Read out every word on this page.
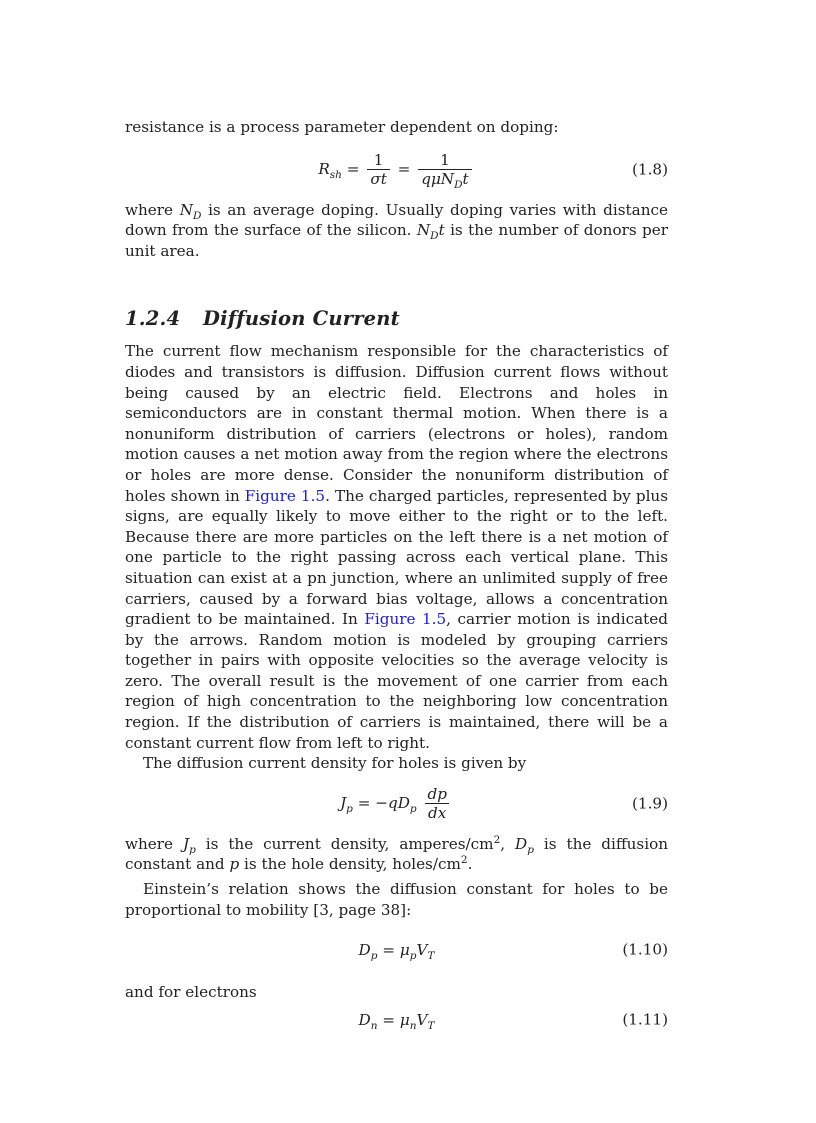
resistance is a process parameter dependent on doping:

$R_{sh} = \frac{1}{\sigma t} = \frac{1}{q\mu N_Dt}$	(1.8)

where $N_D$ is an average doping. Usually doping varies with distance down from the surface of the silicon. $N_Dt$ is the number of donors per unit area.

1.2.4 Diffusion Current

The current flow mechanism responsible for the characteristics of diodes and transistors is diffusion. Diffusion current flows without being caused by an electric field. Electrons and holes in semiconductors are in constant thermal motion. When there is a nonuniform distribution of carriers (electrons or holes), random motion causes a net motion away from the region where the electrons or holes are more dense. Consider the nonuniform distribution of holes shown in Figure 1.5. The charged particles, represented by plus signs, are equally likely to move either to the right or to the left. Because there are more particles on the left there is a net motion of one particle to the right passing across each vertical plane. This situation can exist at a pn junction, where an unlimited supply of free carriers, caused by a forward bias voltage, allows a concentration gradient to be maintained. In Figure 1.5, carrier motion is indicated by the arrows. Random motion is modeled by grouping carriers together in pairs with opposite velocities so the average velocity is zero. The overall result is the movement of one carrier from each region of high concentration to the neighboring low concentration region. If the distribution of carriers is maintained, there will be a constant current flow from left to right.

The diffusion current density for holes is given by

$J_p = -qD_p \frac{dp}{dx}$	(1.9)

where $J_p$ is the current density, amperes/$cm^2$, $D_p$ is the diffusion constant and p is the hole density, holes/$cm^2$.

Einstein’s relation shows the diffusion constant for holes to be proportional to mobility [3, page 38]:

$D_p = \mu_pV_T$	(1.10)

and for electrons

$D_n = \mu_nV_T$	(1.11)
